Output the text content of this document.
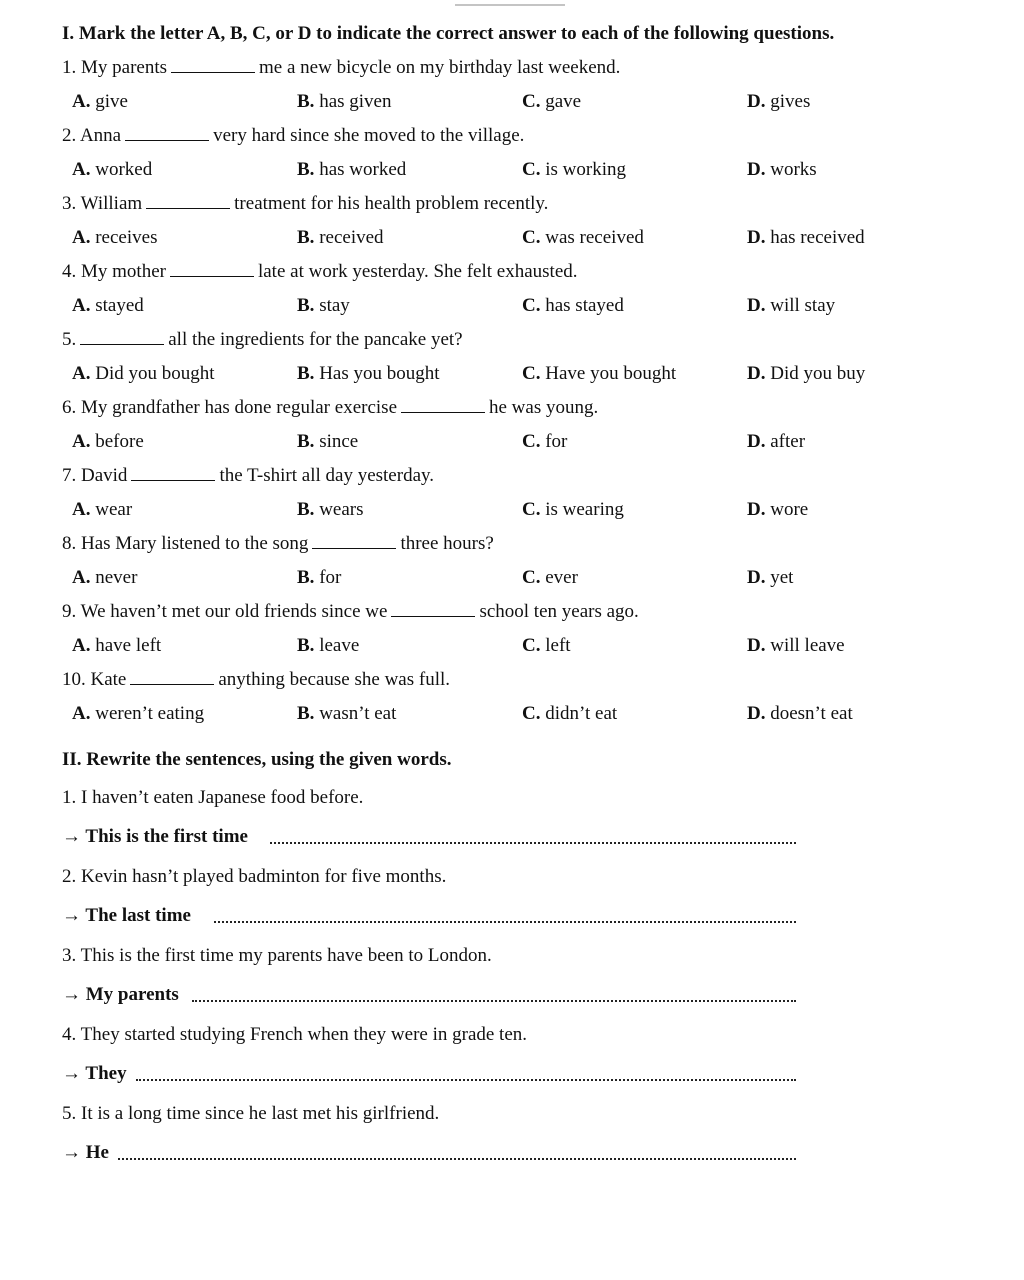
I. Mark the letter A, B, C, or D to indicate the correct answer to each of the following questions.
1. My parents	me a new bicycle on my birthday last weekend.
A. give	B. has given	C. gave	D. gives
2. Anna	very hard since she moved to the village.
A. worked	B. has worked	C. is working	D. works
3. William	treatment for his health problem recently.
A. receives	B. received	C. was received	D. has received
4. My mother	late at work yesterday. She felt exhausted.
A. stayed	B. stay	C. has stayed	D. will stay
5.	all the ingredients for the pancake yet?
A. Did you bought	B. Has you bought	C. Have you bought	D. Did you buy
6. My grandfather has done regular exercise	he was young.
A. before	B. since	C. for	D. after
7. David	the T-shirt all day yesterday.
A. wear	B. wears	C. is wearing	D. wore
8. Has Mary listened to the song	three hours?
A. never	B. for	C. ever	D. yet
9. We haven’t met our old friends since we	school ten years ago.
A. have left	B. leave	C. left	D. will leave
10. Kate	anything because she was full.
A. weren’t eating	B. wasn’t eat	C. didn’t eat	D. doesn’t eat
II. Rewrite the sentences, using the given words.
1. I haven’t eaten Japanese food before.
→ This is the first time
2. Kevin hasn’t played badminton for five months.
→ The last time
3. This is the first time my parents have been to London.
→ My parents
4. They started studying French when they were in grade ten.
→ They
5. It is a long time since he last met his girlfriend.
→ He
